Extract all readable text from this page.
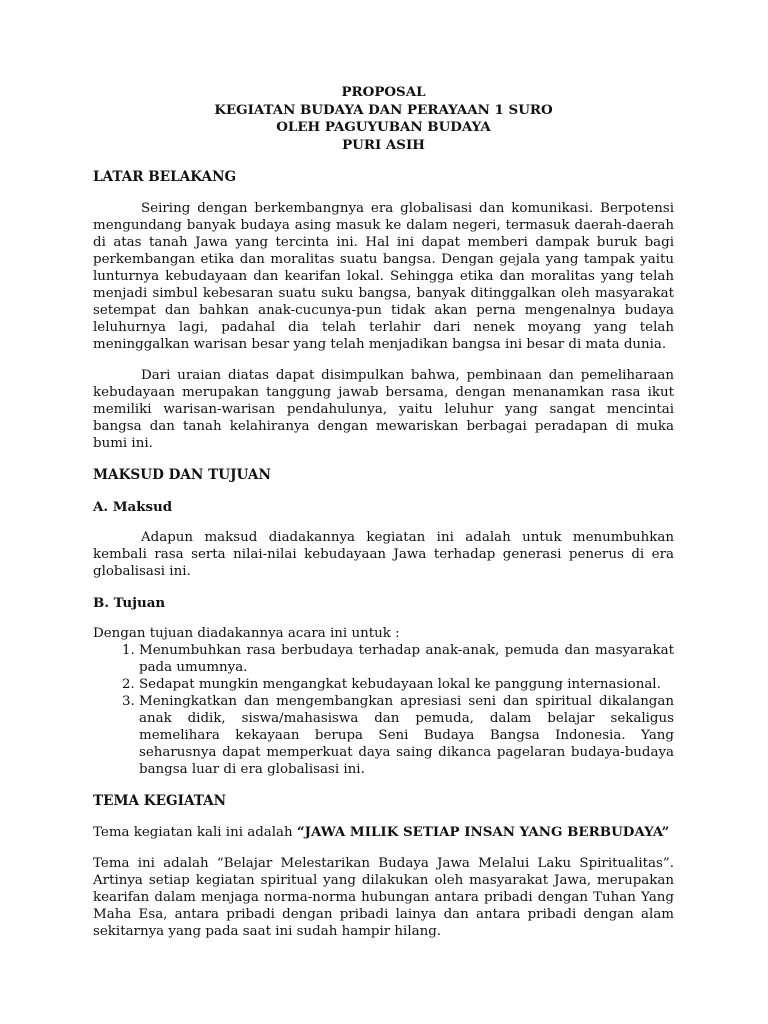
PROPOSAL
KEGIATAN BUDAYA DAN PERAYAAN 1 SURO
OLEH PAGUYUBAN BUDAYA
PURI ASIH
LATAR BELAKANG

Seiring dengan berkembangnya era globalisasi dan komunikasi. Berpotensi mengundang banyak budaya asing masuk ke dalam negeri, termasuk daerah-daerah di atas tanah Jawa yang tercinta ini. Hal ini dapat memberi dampak buruk bagi perkembangan etika dan moralitas suatu bangsa. Dengan gejala yang tampak yaitu lunturnya kebudayaan dan kearifan lokal. Sehingga etika dan moralitas yang telah menjadi simbul kebesaran suatu suku bangsa, banyak ditinggalkan oleh masyarakat setempat dan bahkan anak-cucunya-pun tidak akan perna mengenalnya budaya leluhurnya lagi, padahal dia telah terlahir dari nenek moyang yang telah meninggalkan warisan besar yang telah menjadikan bangsa ini besar di mata dunia.

Dari uraian diatas dapat disimpulkan bahwa, pembinaan dan pemeliharaan kebudayaan merupakan tanggung jawab bersama, dengan menanamkan rasa ikut memiliki warisan-warisan pendahulunya, yaitu leluhur yang sangat mencintai bangsa dan tanah kelahiranya dengan mewariskan berbagai peradapan di muka bumi ini.

MAKSUD DAN TUJUAN
A. Maksud

Adapun maksud diadakannya kegiatan ini adalah untuk menumbuhkan kembali rasa serta nilai-nilai kebudayaan Jawa terhadap generasi penerus di era globalisasi ini.

B. Tujuan

Dengan tujuan diadakannya acara ini untuk :

1. Menumbuhkan rasa berbudaya terhadap anak-anak, pemuda dan masyarakat pada umumnya.
2. Sedapat mungkin mengangkat kebudayaan lokal ke panggung internasional.
3. Meningkatkan dan mengembangkan apresiasi seni dan spiritual dikalangan anak didik, siswa/mahasiswa dan pemuda, dalam belajar sekaligus memelihara kekayaan berupa Seni Budaya Bangsa Indonesia. Yang seharusnya dapat memperkuat daya saing dikanca pagelaran budaya-budaya bangsa luar di era globalisasi ini.
TEMA KEGIATAN

Tema kegiatan kali ini adalah “JAWA MILIK SETIAP INSAN YANG BERBUDAYA”

Tema ini adalah “Belajar Melestarikan Budaya Jawa Melalui Laku Spiritualitas”. Artinya setiap kegiatan spiritual yang dilakukan oleh masyarakat Jawa, merupakan kearifan dalam menjaga norma-norma hubungan antara pribadi dengan Tuhan Yang Maha Esa, antara pribadi dengan pribadi lainya dan antara pribadi dengan alam sekitarnya yang pada saat ini sudah hampir hilang.
